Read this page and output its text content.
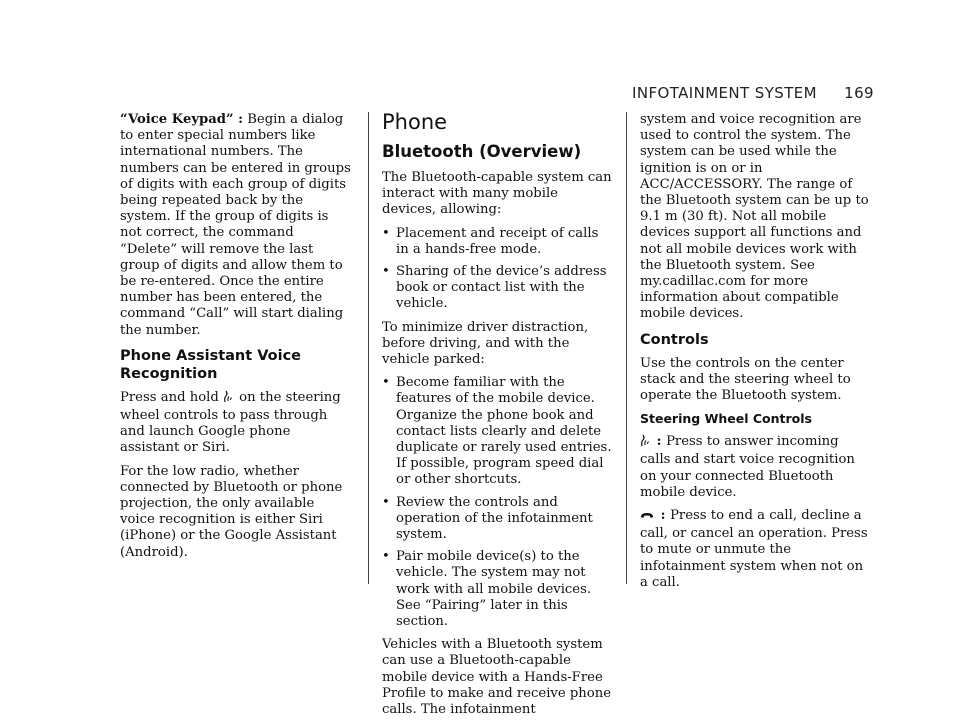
INFOTAINMENT SYSTEM 169

“Voice Keypad” : Begin a dialog to enter special numbers like international numbers. The numbers can be entered in groups of digits with each group of digits being repeated back by the system. If the group of digits is not correct, the command “Delete” will remove the last group of digits and allow them to be re-entered. Once the entire number has been entered, the command “Call” will start dialing the number.

Phone Assistant Voice Recognition

Press and hold  on the steering wheel controls to pass through and launch Google phone assistant or Siri.

For the low radio, whether connected by Bluetooth or phone projection, the only available voice recognition is either Siri (iPhone) or the Google Assistant (Android).

Phone
Bluetooth (Overview)

The Bluetooth-capable system can interact with many mobile devices, allowing:

• Placement and receipt of calls in a hands-free mode.
• Sharing of the device’s address book or contact list with the vehicle.

To minimize driver distraction, before driving, and with the vehicle parked:

• Become familiar with the features of the mobile device. Organize the phone book and contact lists clearly and delete duplicate or rarely used entries. If possible, program speed dial or other shortcuts.
• Review the controls and operation of the infotainment system.
• Pair mobile device(s) to the vehicle. The system may not work with all mobile devices. See “Pairing” later in this section.

Vehicles with a Bluetooth system can use a Bluetooth-capable mobile device with a Hands-Free Profile to make and receive phone calls. The infotainment

system and voice recognition are used to control the system. The system can be used while the ignition is on or in ACC/ACCESSORY. The range of the Bluetooth system can be up to 9.1 m (30 ft). Not all mobile devices support all functions and not all mobile devices work with the Bluetooth system. See my.cadillac.com for more information about compatible mobile devices.

Controls

Use the controls on the center stack and the steering wheel to operate the Bluetooth system.

Steering Wheel Controls

: Press to answer incoming calls and start voice recognition on your connected Bluetooth mobile device.

: Press to end a call, decline a call, or cancel an operation. Press to mute or unmute the infotainment system when not on a call.
